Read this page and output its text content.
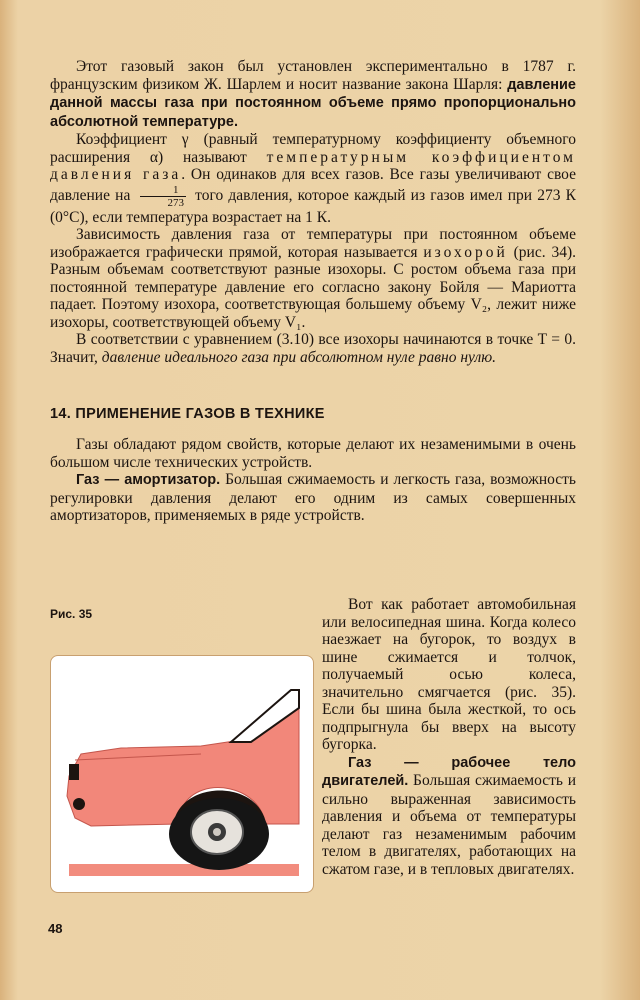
Этот газовый закон был установлен экспериментально в 1787 г. французским физиком Ж. Шарлем и носит название закона Шарля: давление данной массы газа при постоянном объеме прямо пропорционально абсолютной температуре.

Коэффициент γ (равный температурному коэффициенту объемного расширения α) называют температурным коэффициентом давления газа. Он одинаков для всех газов. Все газы увеличивают свое давление на $\frac{1}{273}$ того давления, которое каждый из газов имел при 273 К (0°С), если температура возрастает на 1 К.

Зависимость давления газа от температуры при постоянном объеме изображается графически прямой, которая называется изохорой (рис. 34). Разным объемам соответствуют разные изохоры. С ростом объема газа при постоянной температуре давление его согласно закону Бойля — Мариотта падает. Поэтому изохора, соответствующая большему объему V₂, лежит ниже изохоры, соответствующей объему V₁.

В соответствии с уравнением (3.10) все изохоры начинаются в точке T = 0. Значит, давление идеального газа при абсолютном нуле равно нулю.

14. ПРИМЕНЕНИЕ ГАЗОВ В ТЕХНИКЕ

Газы обладают рядом свойств, которые делают их незаменимыми в очень большом числе технических устройств.

Газ — амортизатор. Большая сжимаемость и легкость газа, возможность регулировки давления делают его одним из самых совершенных амортизаторов, применяемых в ряде устройств.

Рис. 35

Вот как работает автомобильная или велосипедная шина. Когда колесо наезжает на бугорок, то воздух в шине сжимается и толчок, получаемый осью колеса, значительно смягчается (рис. 35). Если бы шина была жесткой, то ось подпрыгнула бы вверх на высоту бугорка.

Газ — рабочее тело двигателей. Большая сжимаемость и сильно выраженная зависимость давления и объема от температуры делают газ незаменимым рабочим телом в двигателях, работающих на сжатом газе, и в тепловых двигателях.

48
